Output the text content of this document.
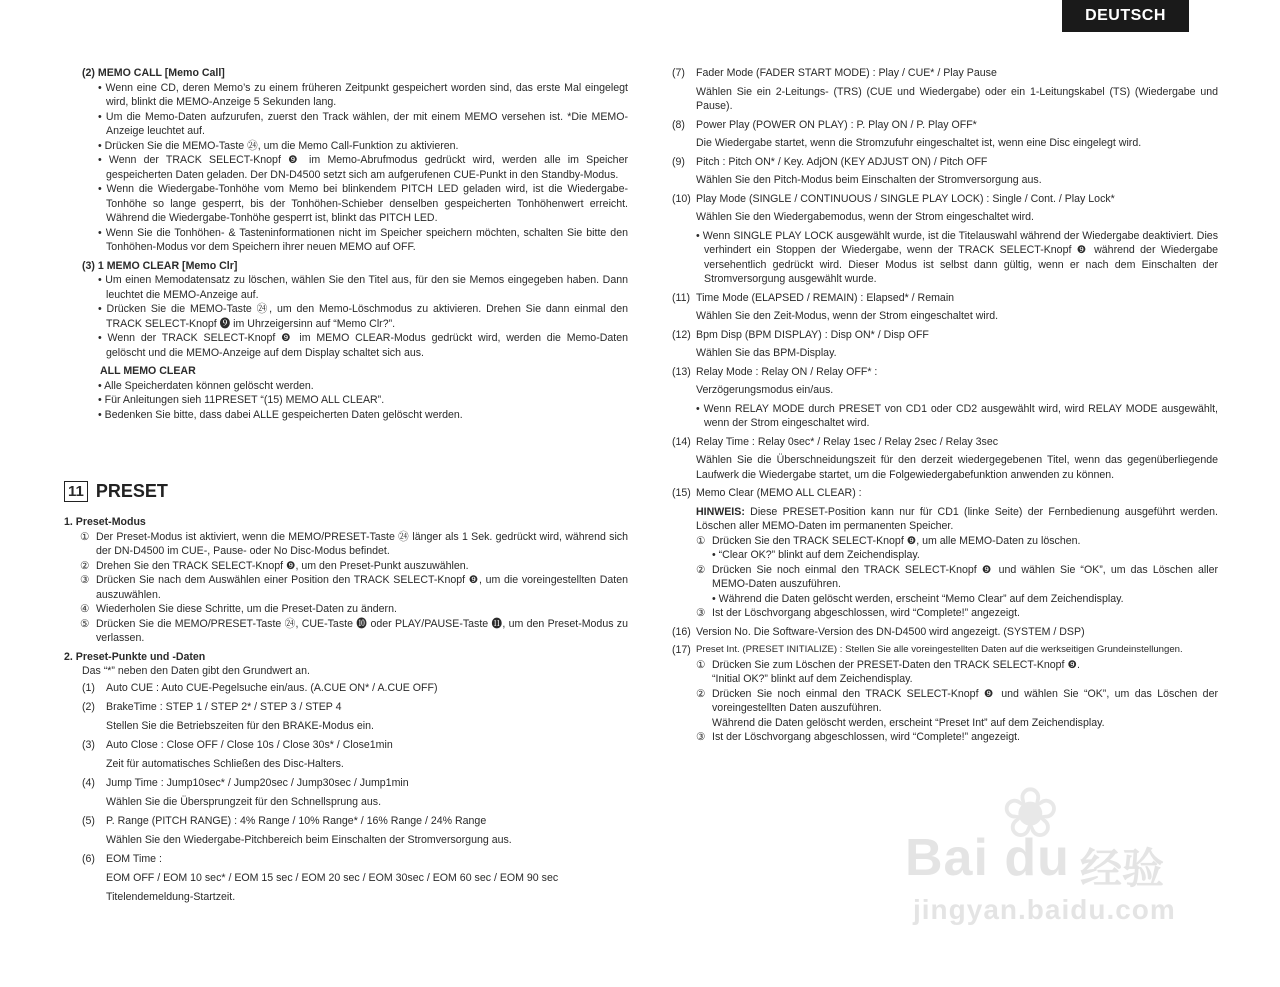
DEUTSCH

(2) MEMO CALL [Memo Call]

• Wenn eine CD, deren Memo’s zu einem früheren Zeitpunkt gespeichert worden sind, das erste Mal eingelegt wird, blinkt die MEMO-Anzeige 5 Sekunden lang.

• Um die Memo-Daten aufzurufen, zuerst den Track wählen, der mit einem MEMO versehen ist. *Die MEMO-Anzeige leuchtet auf.

• Drücken Sie die MEMO-Taste ㉔, um die Memo Call-Funktion zu aktivieren.

• Wenn der TRACK SELECT-Knopf ❾ im Memo-Abrufmodus gedrückt wird, werden alle im Speicher gespeicherten Daten geladen. Der DN-D4500 setzt sich am aufgerufenen CUE-Punkt in den Standby-Modus.

• Wenn die Wiedergabe-Tonhöhe vom Memo bei blinkendem PITCH LED geladen wird, ist die Wiedergabe-Tonhöhe so lange gesperrt, bis der Tonhöhen-Schieber denselben gespeicherten Tonhöhenwert erreicht. Während die Wiedergabe-Tonhöhe gesperrt ist, blinkt das PITCH LED.

• Wenn Sie die Tonhöhen- & Tasteninformationen nicht im Speicher speichern möchten, schalten Sie bitte den Tonhöhen-Modus vor dem Speichern ihrer neuen MEMO auf OFF.

(3) 1 MEMO CLEAR [Memo Clr]

• Um einen Memodatensatz zu löschen, wählen Sie den Titel aus, für den sie Memos eingegeben haben. Dann leuchtet die MEMO-Anzeige auf.

• Drücken Sie die MEMO-Taste ㉔, um den Memo-Löschmodus zu aktivieren. Drehen Sie dann einmal den TRACK SELECT-Knopf ❾ im Uhrzeigersinn auf “Memo Clr?”.

• Wenn der TRACK SELECT-Knopf ❾ im MEMO CLEAR-Modus gedrückt wird, werden die Memo-Daten gelöscht und die MEMO-Anzeige auf dem Display schaltet sich aus.

ALL MEMO CLEAR

• Alle Speicherdaten können gelöscht werden.

• Für Anleitungen sieh 11PRESET “(15) MEMO ALL CLEAR”.

• Bedenken Sie bitte, dass dabei ALLE gespeicherten Daten gelöscht werden.

11 PRESET

1. Preset-Modus

① Der Preset-Modus ist aktiviert, wenn die MEMO/PRESET-Taste ㉔ länger als 1 Sek. gedrückt wird, während sich der DN-D4500 im CUE-, Pause- oder No Disc-Modus befindet.

② Drehen Sie den TRACK SELECT-Knopf ❾, um den Preset-Punkt auszuwählen.

③ Drücken Sie nach dem Auswählen einer Position den TRACK SELECT-Knopf ❾, um die voreingestellten Daten auszuwählen.

④ Wiederholen Sie diese Schritte, um die Preset-Daten zu ändern.

⑤ Drücken Sie die MEMO/PRESET-Taste ㉔, CUE-Taste ❿ oder PLAY/PAUSE-Taste ⓫, um den Preset-Modus zu verlassen.

2. Preset-Punkte und -Daten

Das “*” neben den Daten gibt den Grundwert an.

(1)	Auto CUE : Auto CUE-Pegelsuche ein/aus. (A.CUE ON* / A.CUE OFF)

(2)	BrakeTime : STEP 1 / STEP 2* / STEP 3 / STEP 4

Stellen Sie die Betriebszeiten für den BRAKE-Modus ein.

(3)	Auto Close : Close OFF / Close 10s / Close 30s* / Close1min

Zeit für automatisches Schließen des Disc-Halters.

(4)	Jump Time : Jump10sec* / Jump20sec / Jump30sec / Jump1min

Wählen Sie die Übersprungzeit für den Schnellsprung aus.

(5)	P. Range (PITCH RANGE) : 4% Range / 10% Range* / 16% Range / 24% Range

Wählen Sie den Wiedergabe-Pitchbereich beim Einschalten der Stromversorgung aus.

(6)	EOM Time :

EOM OFF / EOM 10 sec* / EOM 15 sec / EOM 20 sec / EOM 30sec / EOM 60 sec / EOM 90 sec

Titelendemeldung-Startzeit.

(7)	Fader Mode (FADER START MODE) : Play / CUE* / Play Pause

Wählen Sie ein 2-Leitungs- (TRS) (CUE und Wiedergabe) oder ein 1-Leitungskabel (TS) (Wiedergabe und Pause).

(8)	Power Play (POWER ON PLAY) : P. Play ON / P. Play OFF*

Die Wiedergabe startet, wenn die Stromzufuhr eingeschaltet ist, wenn eine Disc eingelegt wird.

(9)	Pitch : Pitch ON* / Key. AdjON (KEY ADJUST ON) / Pitch OFF

Wählen Sie den Pitch-Modus beim Einschalten der Stromversorgung aus.

(10) Play Mode (SINGLE / CONTINUOUS / SINGLE PLAY LOCK) : Single / Cont. / Play Lock*

Wählen Sie den Wiedergabemodus, wenn der Strom eingeschaltet wird.

• Wenn SINGLE PLAY LOCK ausgewählt wurde, ist die Titelauswahl während der Wiedergabe deaktiviert. Dies verhindert ein Stoppen der Wiedergabe, wenn der TRACK SELECT-Knopf ❾ während der Wiedergabe versehentlich gedrückt wird. Dieser Modus ist selbst dann gültig, wenn er nach dem Einschalten der Stromversorgung ausgewählt wurde.

(11) Time Mode (ELAPSED / REMAIN) : Elapsed* / Remain

Wählen Sie den Zeit-Modus, wenn der Strom eingeschaltet wird.

(12) Bpm Disp (BPM DISPLAY) : Disp ON* / Disp OFF

Wählen Sie das BPM-Display.

(13) Relay Mode : Relay ON / Relay OFF* :

Verzögerungsmodus ein/aus.

• Wenn RELAY MODE durch PRESET von CD1 oder CD2 ausgewählt wird, wird RELAY MODE ausgewählt, wenn der Strom eingeschaltet wird.

(14) Relay Time : Relay 0sec* / Relay 1sec / Relay 2sec / Relay 3sec

Wählen Sie die Überschneidungszeit für den derzeit wiedergegebenen Titel, wenn das gegenüberliegende Laufwerk die Wiedergabe startet, um die Folgewiedergabefunktion anwenden zu können.

(15) Memo Clear (MEMO ALL CLEAR) :

HINWEIS: Diese PRESET-Position kann nur für CD1 (linke Seite) der Fernbedienung ausgeführt werden. Löschen aller MEMO-Daten im permanenten Speicher.

① Drücken Sie den TRACK SELECT-Knopf ❾, um alle MEMO-Daten zu löschen.

• “Clear OK?” blinkt auf dem Zeichendisplay.

② Drücken Sie noch einmal den TRACK SELECT-Knopf ❾ und wählen Sie “OK”, um das Löschen aller MEMO-Daten auszuführen.

• Während die Daten gelöscht werden, erscheint “Memo Clear” auf dem Zeichendisplay.

③ Ist der Löschvorgang abgeschlossen, wird “Complete!” angezeigt.

(16) Version No. Die Software-Version des DN-D4500 wird angezeigt. (SYSTEM / DSP)

(17) Preset Int. (PRESET INITIALIZE) : Stellen Sie alle voreingestellten Daten auf die werkseitigen Grundeinstellungen.

① Drücken Sie zum Löschen der PRESET-Daten den TRACK SELECT-Knopf ❾.

“Initial OK?” blinkt auf dem Zeichendisplay.

② Drücken Sie noch einmal den TRACK SELECT-Knopf ❾ und wählen Sie “OK”, um das Löschen der voreingestellten Daten auszuführen.

Während die Daten gelöscht werden, erscheint “Preset Int” auf dem Zeichendisplay.

③ Ist der Löschvorgang abgeschlossen, wird “Complete!” angezeigt.

❀
Bai du 经验
jingyan.baidu.com
